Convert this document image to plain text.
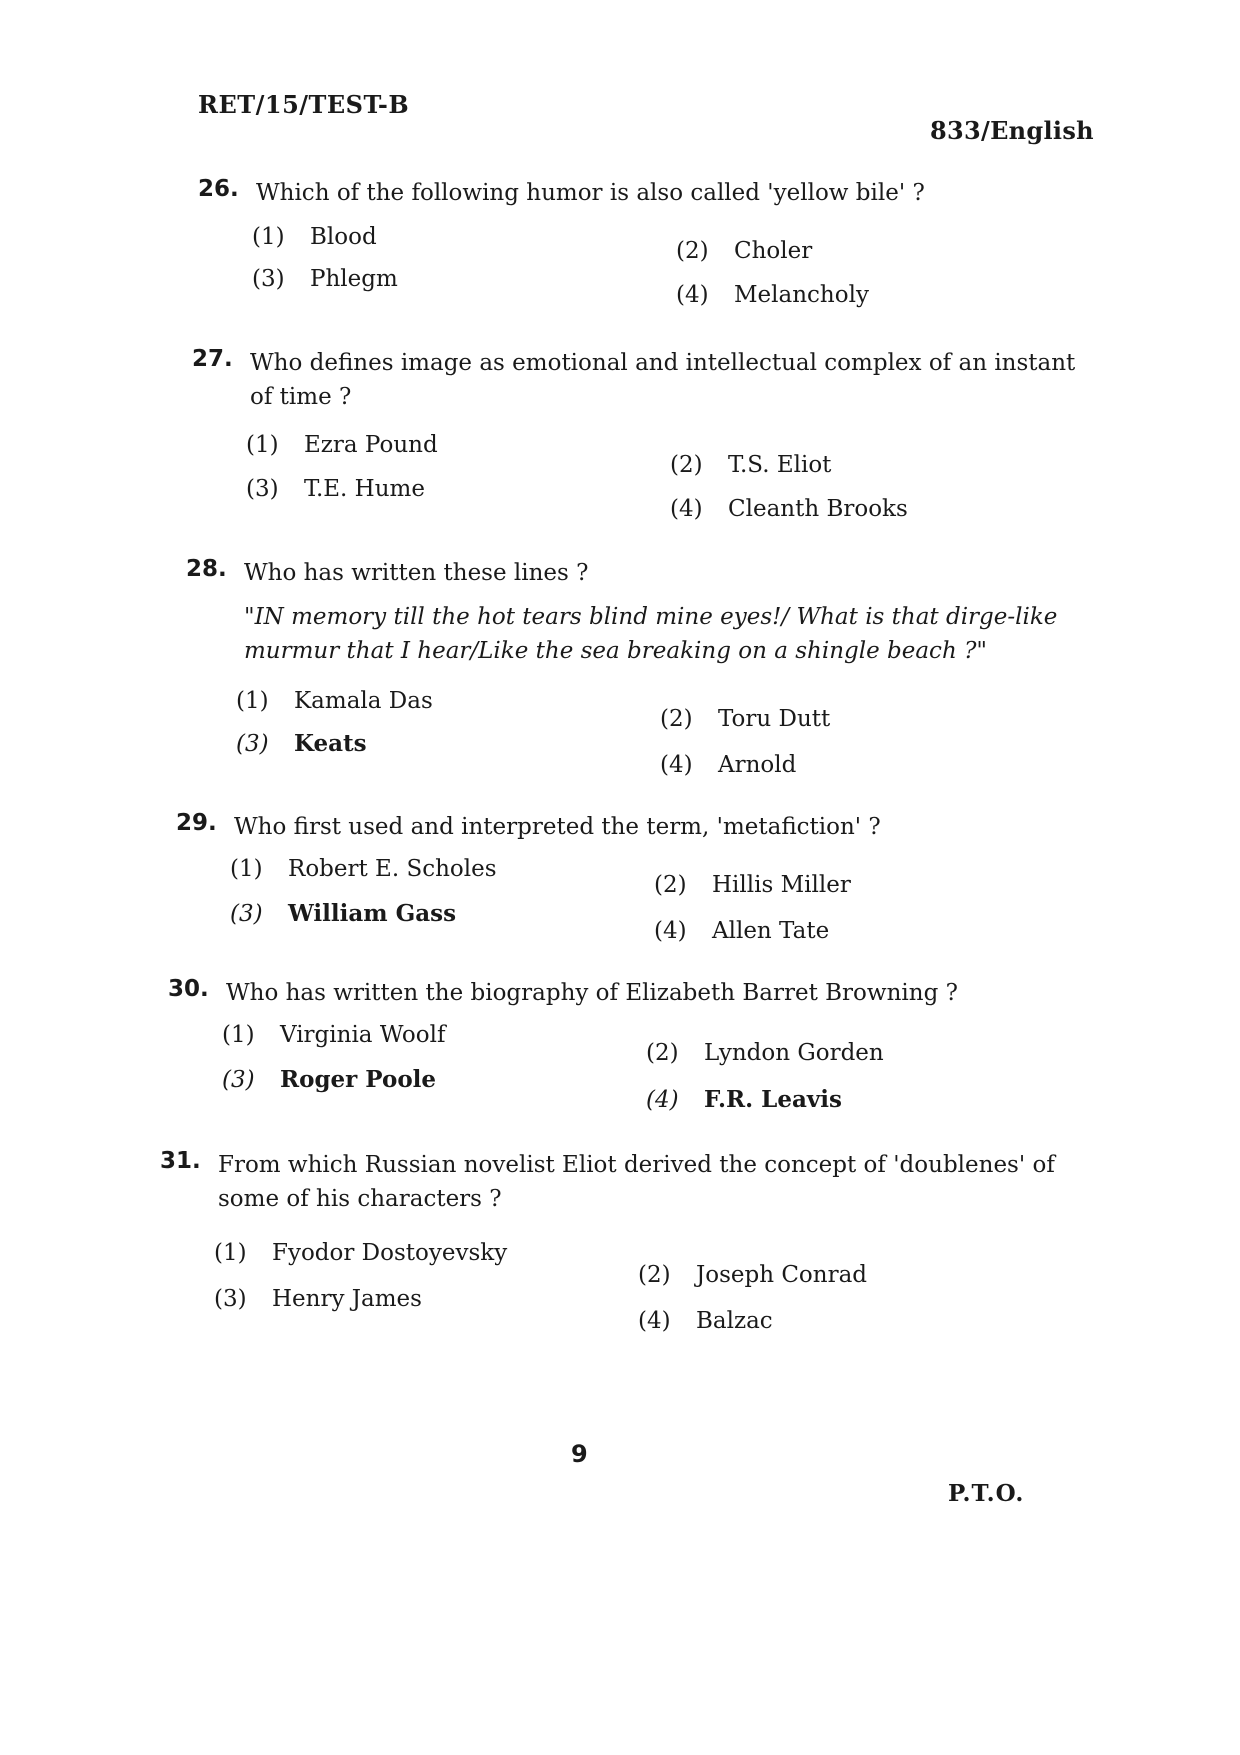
RET/15/TEST-B
833/English
26. Which of the following humor is also called 'yellow bile' ?
(1) Blood
(2) Choler
(3) Phlegm
(4) Melancholy
27. Who defines image as emotional and intellectual complex of an instant of time ?
(1) Ezra Pound
(2) T.S. Eliot
(3) T.E. Hume
(4) Cleanth Brooks
28. Who has written these lines ?
"IN memory till the hot tears blind mine eyes!/ What is that dirge-like murmur that I hear/Like the sea breaking on a shingle beach ?"
(1) Kamala Das
(2) Toru Dutt
(3) Keats
(4) Arnold
29. Who first used and interpreted the term, 'metafiction' ?
(1) Robert E. Scholes
(2) Hillis Miller
(3) William Gass
(4) Allen Tate
30. Who has written the biography of Elizabeth Barret Browning ?
(1) Virginia Woolf
(2) Lyndon Gorden
(3) Roger Poole
(4) F.R. Leavis
31. From which Russian novelist Eliot derived the concept of 'doublenes' of some of his characters ?
(1) Fyodor Dostoyevsky
(2) Joseph Conrad
(3) Henry James
(4) Balzac
9
P.T.O.
